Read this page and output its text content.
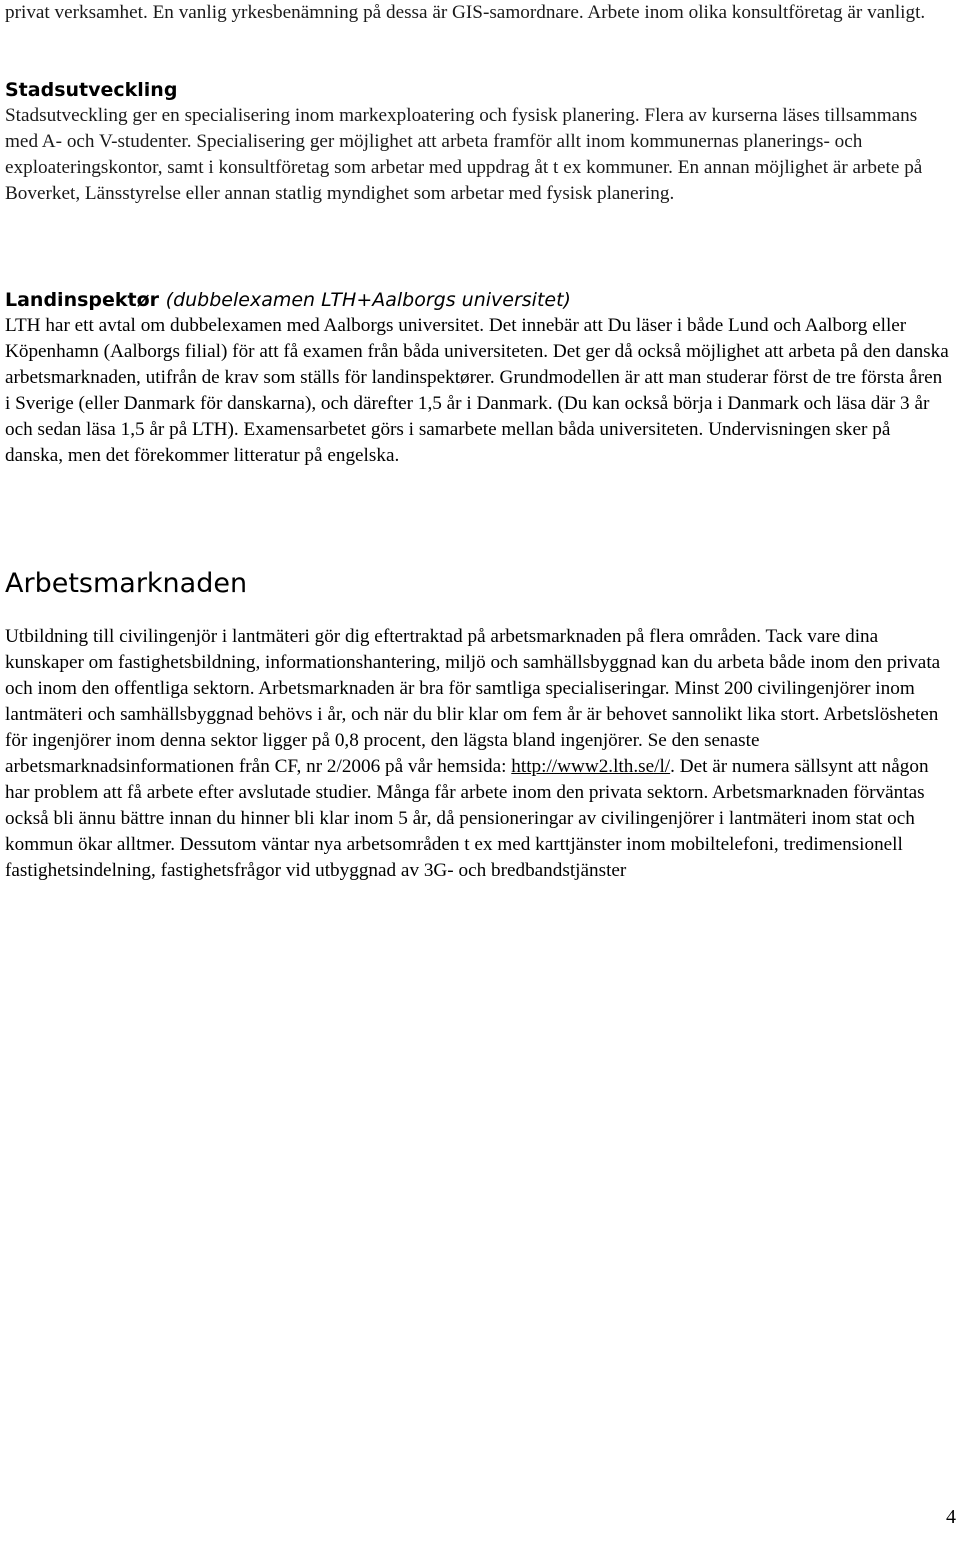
privat verksamhet. En vanlig yrkesbenämning på dessa är GIS-samordnare. Arbete inom olika konsultföretag är vanligt.

Stadsutveckling

Stadsutveckling ger en specialisering inom markexploatering och fysisk planering. Flera av kurserna läses tillsammans med A- och V-studenter. Specialisering ger möjlighet att arbeta framför allt inom kommunernas planerings- och exploateringskontor, samt i konsultföretag som arbetar med uppdrag åt t ex kommuner. En annan möjlighet är arbete på Boverket, Länsstyrelse eller annan statlig myndighet som arbetar med fysisk planering.

Landinspektør (dubbelexamen LTH+Aalborgs universitet)

LTH har ett avtal om dubbelexamen med Aalborgs universitet. Det innebär att Du läser i både Lund och Aalborg eller Köpenhamn (Aalborgs filial) för att få examen från båda universiteten. Det ger då också möjlighet att arbeta på den danska arbetsmarknaden, utifrån de krav som ställs för landinspektører. Grundmodellen är att man studerar först de tre första åren i Sverige (eller Danmark för danskarna), och därefter 1,5 år i Danmark. (Du kan också börja i Danmark och läsa där 3 år och sedan läsa 1,5 år på LTH). Examensarbetet görs i samarbete mellan båda universiteten. Undervisningen sker på danska, men det förekommer litteratur på engelska.

Arbetsmarknaden

Utbildning till civilingenjör i lantmäteri gör dig eftertraktad på arbetsmarknaden på flera områden. Tack vare dina kunskaper om fastighetsbildning, informationshantering, miljö och samhällsbyggnad kan du arbeta både inom den privata och inom den offentliga sektorn. Arbetsmarknaden är bra för samtliga specialiseringar. Minst 200 civilingenjörer inom lantmäteri och samhällsbyggnad behövs i år, och när du blir klar om fem år är behovet sannolikt lika stort. Arbetslösheten för ingenjörer inom denna sektor ligger på 0,8 procent, den lägsta bland ingenjörer. Se den senaste arbetsmarknadsinformationen från CF, nr 2/2006 på vår hemsida: http://www2.lth.se/l/. Det är numera sällsynt att någon har problem att få arbete efter avslutade studier. Många får arbete inom den privata sektorn. Arbetsmarknaden förväntas också bli ännu bättre innan du hinner bli klar inom 5 år, då pensioneringar av civilingenjörer i lantmäteri inom stat och kommun ökar alltmer. Dessutom väntar nya arbetsområden t ex med karttjänster inom mobiltelefoni, tredimensionell fastighetsindelning, fastighetsfrågor vid utbyggnad av 3G- och bredbandstjänster

4
